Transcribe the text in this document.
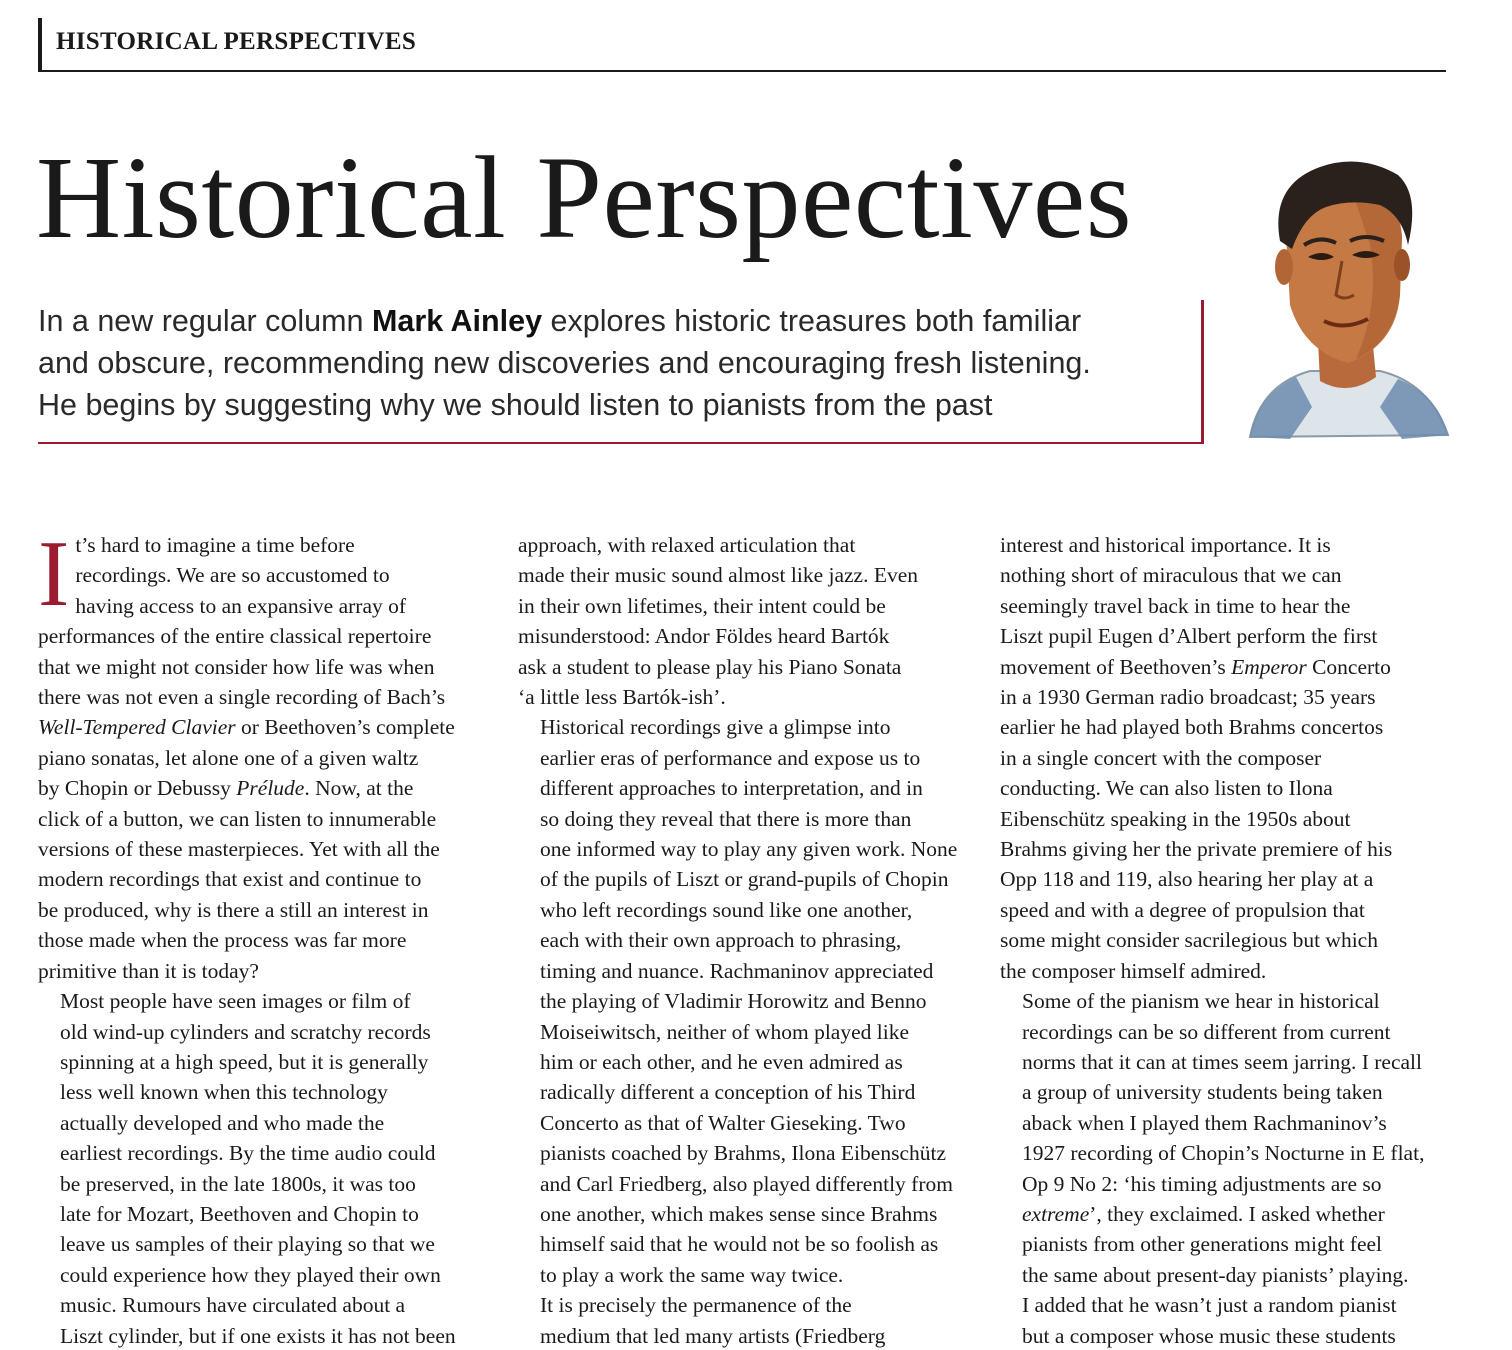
HISTORICAL PERSPECTIVES
Historical Perspectives

In a new regular column Mark Ainley explores historic treasures both familiar

and obscure, recommending new discoveries and encouraging fresh listening.

He begins by suggesting why we should listen to pianists from the past

I t’s hard to imagine a time before
recordings. We are so accustomed to
having access to an expansive array of
performances of the entire classical repertoire
that we might not consider how life was when
there was not even a single recording of Bach’s
Well-Tempered Clavier or Beethoven’s complete
piano sonatas, let alone one of a given waltz
by Chopin or Debussy Prélude. Now, at the
click of a button, we can listen to innumerable
versions of these masterpieces. Yet with all the
modern recordings that exist and continue to
be produced, why is there a still an interest in
those made when the process was far more
primitive than it is today?

Most people have seen images or film of
old wind-up cylinders and scratchy records
spinning at a high speed, but it is generally
less well known when this technology
actually developed and who made the
earliest recordings. By the time audio could
be preserved, in the late 1800s, it was too
late for Mozart, Beethoven and Chopin to
leave us samples of their playing so that we
could experience how they played their own
music. Rumours have circulated about a
Liszt cylinder, but if one exists it has not been

approach, with relaxed articulation that
made their music sound almost like jazz. Even
in their own lifetimes, their intent could be
misunderstood: Andor Földes heard Bartók
ask a student to please play his Piano Sonata
‘a little less Bartók-ish’.

Historical recordings give a glimpse into
earlier eras of performance and expose us to
different approaches to interpretation, and in
so doing they reveal that there is more than
one informed way to play any given work. None
of the pupils of Liszt or grand-pupils of Chopin
who left recordings sound like one another,
each with their own approach to phrasing,
timing and nuance. Rachmaninov appreciated
the playing of Vladimir Horowitz and Benno
Moiseiwitsch, neither of whom played like
him or each other, and he even admired as
radically different a conception of his Third
Concerto as that of Walter Gieseking. Two
pianists coached by Brahms, Ilona Eibenschütz
and Carl Friedberg, also played differently from
one another, which makes sense since Brahms
himself said that he would not be so foolish as
to play a work the same way twice.

It is precisely the permanence of the
medium that led many artists (Friedberg

interest and historical importance. It is
nothing short of miraculous that we can
seemingly travel back in time to hear the
Liszt pupil Eugen d’Albert perform the first
movement of Beethoven’s Emperor Concerto
in a 1930 German radio broadcast; 35 years
earlier he had played both Brahms concertos
in a single concert with the composer
conducting. We can also listen to Ilona
Eibenschütz speaking in the 1950s about
Brahms giving her the private premiere of his
Opp 118 and 119, also hearing her play at a
speed and with a degree of propulsion that
some might consider sacrilegious but which
the composer himself admired.

Some of the pianism we hear in historical
recordings can be so different from current
norms that it can at times seem jarring. I recall
a group of university students being taken
aback when I played them Rachmaninov’s
1927 recording of Chopin’s Nocturne in E flat,
Op 9 No 2: ‘his timing adjustments are so
extreme’, they exclaimed. I asked whether
pianists from other generations might feel
the same about present-day pianists’ playing.
I added that he wasn’t just a random pianist
but a composer whose music these students
